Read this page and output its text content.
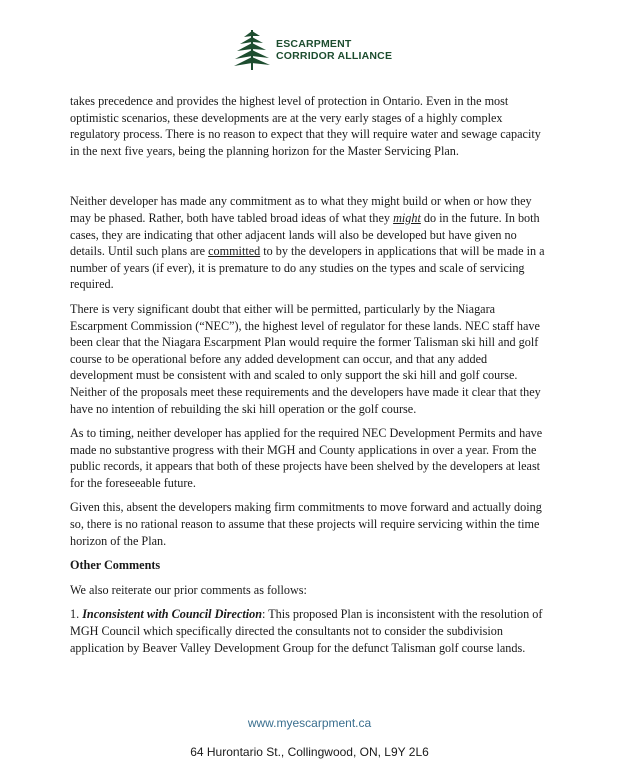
ESCARPMENT
CORRIDOR ALLIANCE

takes precedence and provides the highest level of protection in Ontario. Even in the most optimistic scenarios, these developments are at the very early stages of a highly complex regulatory process. There is no reason to expect that they will require water and sewage capacity in the next five years, being the planning horizon for the Master Servicing Plan.

Neither developer has made any commitment as to what they might build or when or how they may be phased. Rather, both have tabled broad ideas of what they might do in the future. In both cases, they are indicating that other adjacent lands will also be developed but have given no details. Until such plans are committed to by the developers in applications that will be made in a number of years (if ever), it is premature to do any studies on the types and scale of servicing required.

There is very significant doubt that either will be permitted, particularly by the Niagara Escarpment Commission (“NEC”), the highest level of regulator for these lands. NEC staff have been clear that the Niagara Escarpment Plan would require the former Talisman ski hill and golf course to be operational before any added development can occur, and that any added development must be consistent with and scaled to only support the ski hill and golf course. Neither of the proposals meet these requirements and the developers have made it clear that they have no intention of rebuilding the ski hill operation or the golf course.

As to timing, neither developer has applied for the required NEC Development Permits and have made no substantive progress with their MGH and County applications in over a year. From the public records, it appears that both of these projects have been shelved by the developers at least for the foreseeable future.

Given this, absent the developers making firm commitments to move forward and actually doing so, there is no rational reason to assume that these projects will require servicing within the time horizon of the Plan.

Other Comments

We also reiterate our prior comments as follows:

1. Inconsistent with Council Direction: This proposed Plan is inconsistent with the resolution of MGH Council which specifically directed the consultants not to consider the subdivision application by Beaver Valley Development Group for the defunct Talisman golf course lands.

www.myescarpment.ca
64 Hurontario St., Collingwood, ON, L9Y 2L6
